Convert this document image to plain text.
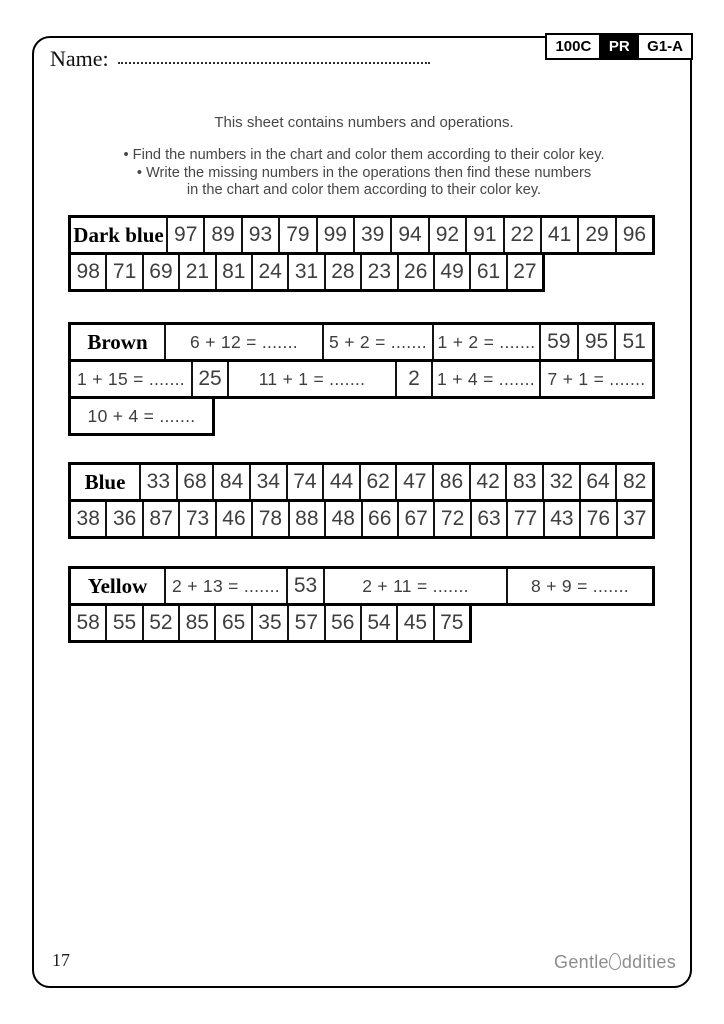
100C	PR	G1-A
Name:

This sheet contains numbers and operations.

• Find the numbers in the chart and color them according to their color key.

• Write the missing numbers in the operations then find these numbers

in the chart and color them according to their color key.

Dark blue 97 89 93 79 99 39 94 92 91 22 41 29 96
98 71 69 21 81 24 31 28 23 26 49 61 27
Brown	6 + 12 = .......	5 + 2 = ....... 1 + 2 = ....... 59 95 51
1 + 15 = ....... 25	11 + 1 = .......	2 1 + 4 = ....... 7 + 1 = .......
10 + 4 = .......
Blue	33 68 84 34 74 44 62 47 86 42 83 32 64 82
38 36 87 73 46 78 88 48 66 67 72 63 77 43 76 37
Yellow	2 + 13 = ....... 53	2 + 11 = .......	8 + 9 = .......
58 55 52 85 65 35 57 56 54 45 75
17	Gentle ddities
